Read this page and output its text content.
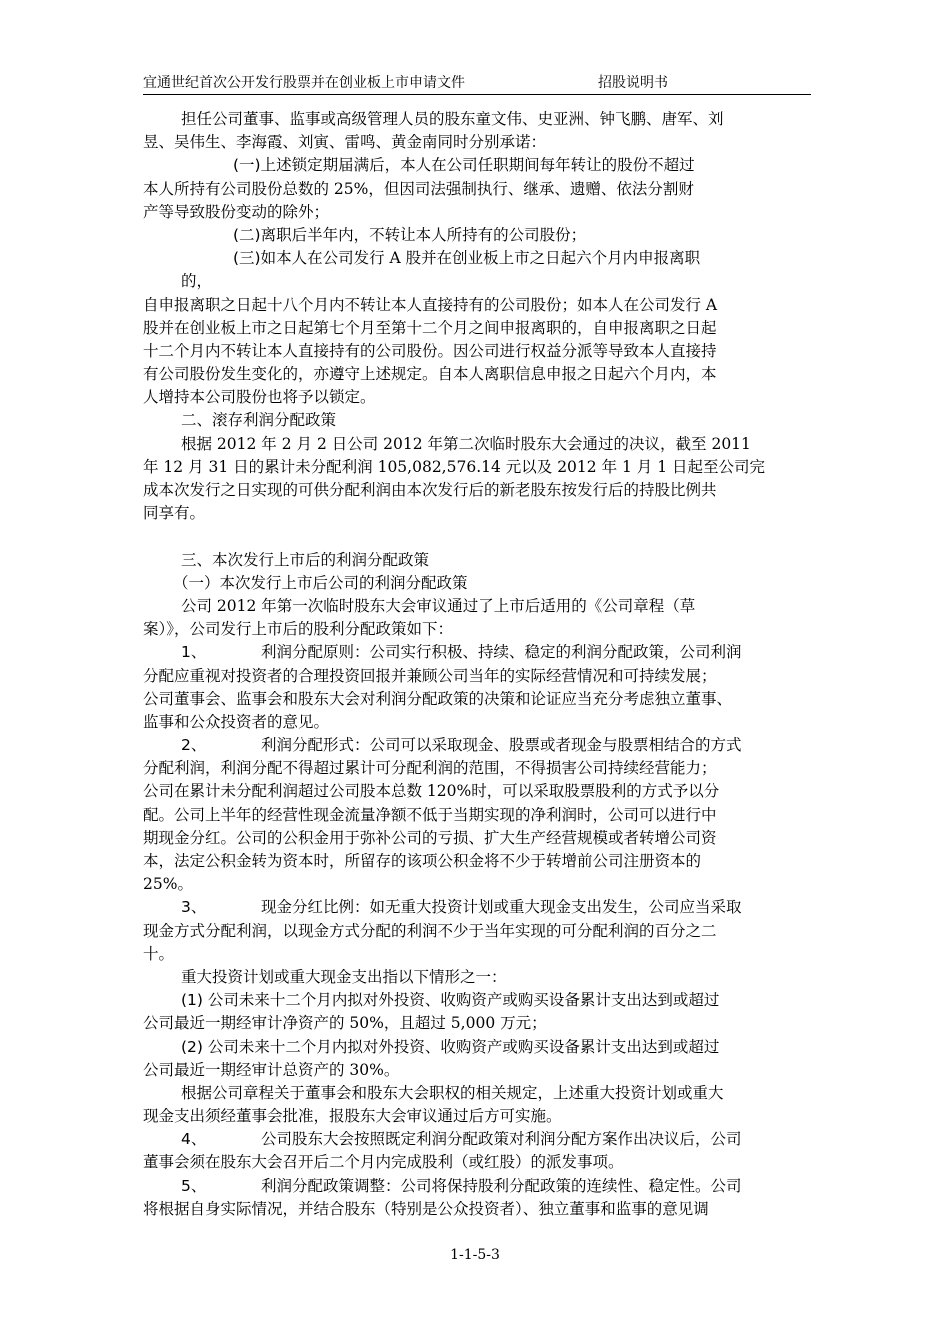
宜通世纪首次公开发行股票并在创业板上市申请文件	招股说明书
担任公司董事、监事或高级管理人员的股东童文伟、史亚洲、钟飞鹏、唐军、刘
昱、吴伟生、李海霞、刘寅、雷鸣、黄金南同时分别承诺：
(一)上述锁定期届满后，本人在公司任职期间每年转让的股份不超过
本人所持有公司股份总数的 25%，但因司法强制执行、继承、遗赠、依法分割财
产等导致股份变动的除外；
(二)离职后半年内，不转让本人所持有的公司股份；
(三)如本人在公司发行 A 股并在创业板上市之日起六个月内申报离职
的，
自申报离职之日起十八个月内不转让本人直接持有的公司股份；如本人在公司发行 A
股并在创业板上市之日起第七个月至第十二个月之间申报离职的，自申报离职之日起
十二个月内不转让本人直接持有的公司股份。因公司进行权益分派等导致本人直接持
有公司股份发生变化的，亦遵守上述规定。自本人离职信息申报之日起六个月内，本
人增持本公司股份也将予以锁定。
二、滚存利润分配政策
根据 2012 年 2 月 2 日公司 2012 年第二次临时股东大会通过的决议，截至 2011
年 12 月 31 日的累计未分配利润 105,082,576.14 元以及 2012 年 1 月 1 日起至公司完
成本次发行之日实现的可供分配利润由本次发行后的新老股东按发行后的持股比例共
同享有。
三、本次发行上市后的利润分配政策
（一）本次发行上市后公司的利润分配政策
公司 2012 年第一次临时股东大会审议通过了上市后适用的《公司章程（草
案）》，公司发行上市后的股利分配政策如下：
1、	利润分配原则：公司实行积极、持续、稳定的利润分配政策，公司利润
分配应重视对投资者的合理投资回报并兼顾公司当年的实际经营情况和可持续发展；
公司董事会、监事会和股东大会对利润分配政策的决策和论证应当充分考虑独立董事、
监事和公众投资者的意见。
2、	利润分配形式：公司可以采取现金、股票或者现金与股票相结合的方式
分配利润，利润分配不得超过累计可分配利润的范围，不得损害公司持续经营能力；
公司在累计未分配利润超过公司股本总数 120%时，可以采取股票股利的方式予以分
配。公司上半年的经营性现金流量净额不低于当期实现的净利润时，公司可以进行中
期现金分红。公司的公积金用于弥补公司的亏损、扩大生产经营规模或者转增公司资
本，法定公积金转为资本时，所留存的该项公积金将不少于转增前公司注册资本的
25%。
3、	现金分红比例：如无重大投资计划或重大现金支出发生，公司应当采取
现金方式分配利润，以现金方式分配的利润不少于当年实现的可分配利润的百分之二
十。
重大投资计划或重大现金支出指以下情形之一：
(1) 公司未来十二个月内拟对外投资、收购资产或购买设备累计支出达到或超过
公司最近一期经审计净资产的 50%，且超过 5,000 万元；
(2) 公司未来十二个月内拟对外投资、收购资产或购买设备累计支出达到或超过
公司最近一期经审计总资产的 30%。
根据公司章程关于董事会和股东大会职权的相关规定，上述重大投资计划或重大
现金支出须经董事会批准，报股东大会审议通过后方可实施。
4、	公司股东大会按照既定利润分配政策对利润分配方案作出决议后，公司
董事会须在股东大会召开后二个月内完成股利（或红股）的派发事项。
5、	利润分配政策调整：公司将保持股利分配政策的连续性、稳定性。公司
将根据自身实际情况，并结合股东（特别是公众投资者）、独立董事和监事的意见调
1-1-5-3
